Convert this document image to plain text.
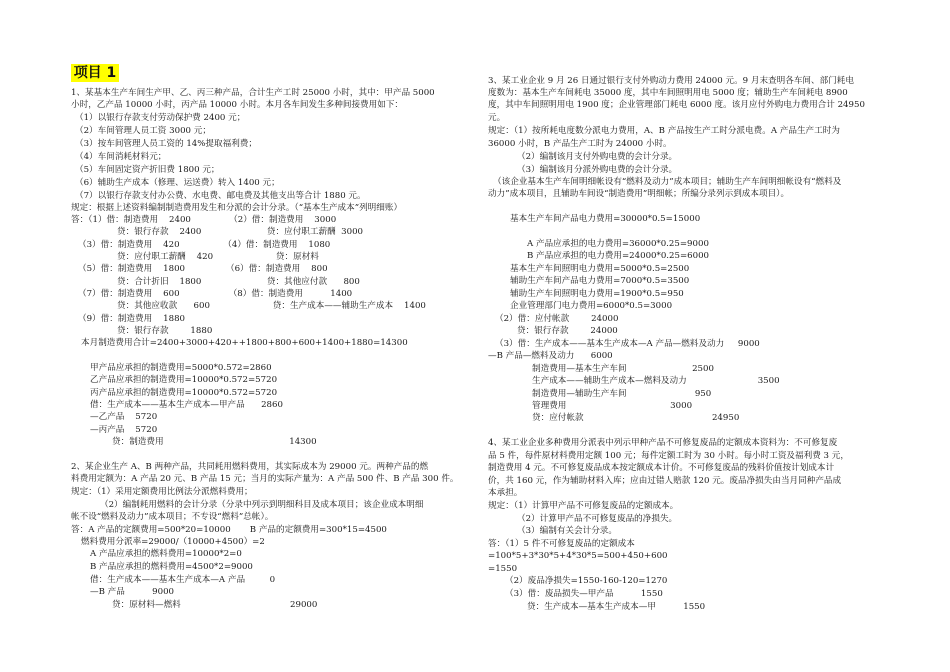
项目 1
1、某基本生产车间生产甲、乙、丙三种产品，合计生产工时 25000 小时，其中：甲产品 5000
小时，乙产品 10000 小时，丙产品 10000 小时。本月各车间发生多种间接费用如下：
（1）以银行存款支付劳动保护费 2400 元；
（2）车间管理人员工资 3000 元；
（3）按车间管理人员工资的 14%提取福利费；
（4）车间消耗材料元；
（5）车间固定资产折旧费 1800 元；
（6）辅助生产成本（修理、运送费）转入 1400 元；
（7）以银行存款支付办公费、水电费、邮电费及其他支出等合计 1880 元。
规定：根据上述资料编制制造费用发生和分派的会计分录。（“基本生产成本”列明细账）
答：（1）借：制造费用    2400              （2）借：制造费用    3000
贷：银行存款    2400                        贷：应付职工薪酬  3000
（3）借：制造费用    420                （4）借：制造费用    1080
贷：应付职工薪酬    420                       贷：原材料
（5）借：制造费用    1800               （6）借：制造费用    800
贷：合计折旧    1800                        贷：其他应付款      800
（7）借：制造费用    600                  （8）借：制造费用          1400
贷：其他应收款      600                       贷：生产成本——辅助生产成本    1400
（9）借：制造费用    1880
贷：银行存款        1880
本月制造费用合计=2400+3000+420++1800+800+600+1400+1880=14300
甲产品应承担的制造费用=5000*0.572=2860
乙产品应承担的制造费用=10000*0.572=5720
丙产品应承担的制造费用=10000*0.572=5720
借：生产成本——基本生产成本—甲产品      2860
—乙产品    5720
—丙产品    5720
贷：制造费用                                              14300
2、某企业生产 A、B 两种产品，共同耗用燃料费用，其实际成本为 29000 元。两种产品的燃
料费用定额为：A 产品 20 元、B 产品 15 元；当月的实际产量为：A 产品 500 件、B 产品 300 件。
规定：（1）采用定额费用比例法分派燃料费用；
（2）编制耗用燃料的会计分录（分录中列示到明细科目及成本项目；该企业成本明细
帐不设“燃料及动力”成本项目；不专设“燃料”总帐）。
答：A 产品的定额费用=500*20=10000       B 产品的定额费用=300*15=4500
燃料费用分派率=29000/（10000+4500）=2
A 产品应承担的燃料费用=10000*2=0
B 产品应承担的燃料费用=4500*2=9000
借：生产成本——基本生产成本—A 产品         0
—B 产品          9000
贷：原材料—燃料                                        29000
3、某工业企业 9 月 26 日通过银行支付外购动力费用 24000 元。9 月末查明各车间、部门耗电
度数为：基本生产车间耗电 35000 度，其中车间照明用电 5000 度；辅助生产车间耗电 8900
度，其中车间照明用电 1900 度；企业管理部门耗电 6000 度。该月应付外购电力费用合计 24950
元。
规定：（1）按所耗电度数分派电力费用，A、B 产品按生产工时分派电费。A 产品生产工时为
36000 小时，B 产品生产工时为 24000 小时。
（2）编制该月支付外购电费的会计分录。
（3）编制该月分派外购电费的会计分录。
（该企业基本生产车间明细帐设有“燃料及动力”成本项目；辅助生产车间明细帐设有“燃料及
动力”成本项目，且辅助车间设“制造费用”明细帐；所编分录列示到成本项目）。
基本生产车间产品电力费用=30000*0.5=15000
A 产品应承担的电力费用=36000*0.25=9000
B 产品应承担的电力费用=24000*0.25=6000
基本生产车间照明电力费用=5000*0.5=2500
辅助生产车间产品电力费用=7000*0.5=3500
辅助生产车间照明电力费用=1900*0.5=950
企业管理部门电力费用=6000*0.5=3000
（2）借：应付帐款        24000
贷：银行存款        24000
（3）借：生产成本——基本生产成本—A 产品—燃料及动力     9000
—B 产品—燃料及动力      6000
制造费用—基本生产车间                        2500
生产成本——辅助生产成本—燃料及动力                          3500
制造费用—辅助生产车间                         950
管理费用                                      3000
贷：应付帐款                                               24950
4、某工业企业多种费用分派表中列示甲种产品不可修复废品的定额成本资料为：不可修复废
品 5 件，每件原材料费用定额 100 元；每件定额工时为 30 小时。每小时工资及福利费 3 元，
制造费用 4 元。不可修复废品成本按定额成本计价。不可修复废品的残料价值按计划成本计
价，共 160 元，作为辅助材料入库；应由过错人赔款 120 元。废品净损失由当月同种产品成
本承担。
规定：（1）计算甲产品不可修复废品的定额成本。
（2）计算甲产品不可修复废品的净损失。
（3）编制有关会计分录。
答：（1）5 件不可修复废品的定额成本
=100*5+3*30*5+4*30*5=500+450+600
=1550
（2）废品净损失=1550-160-120=1270
（3）借：废品损失—甲产品          1550
贷：生产成本—基本生产成本—甲          1550
